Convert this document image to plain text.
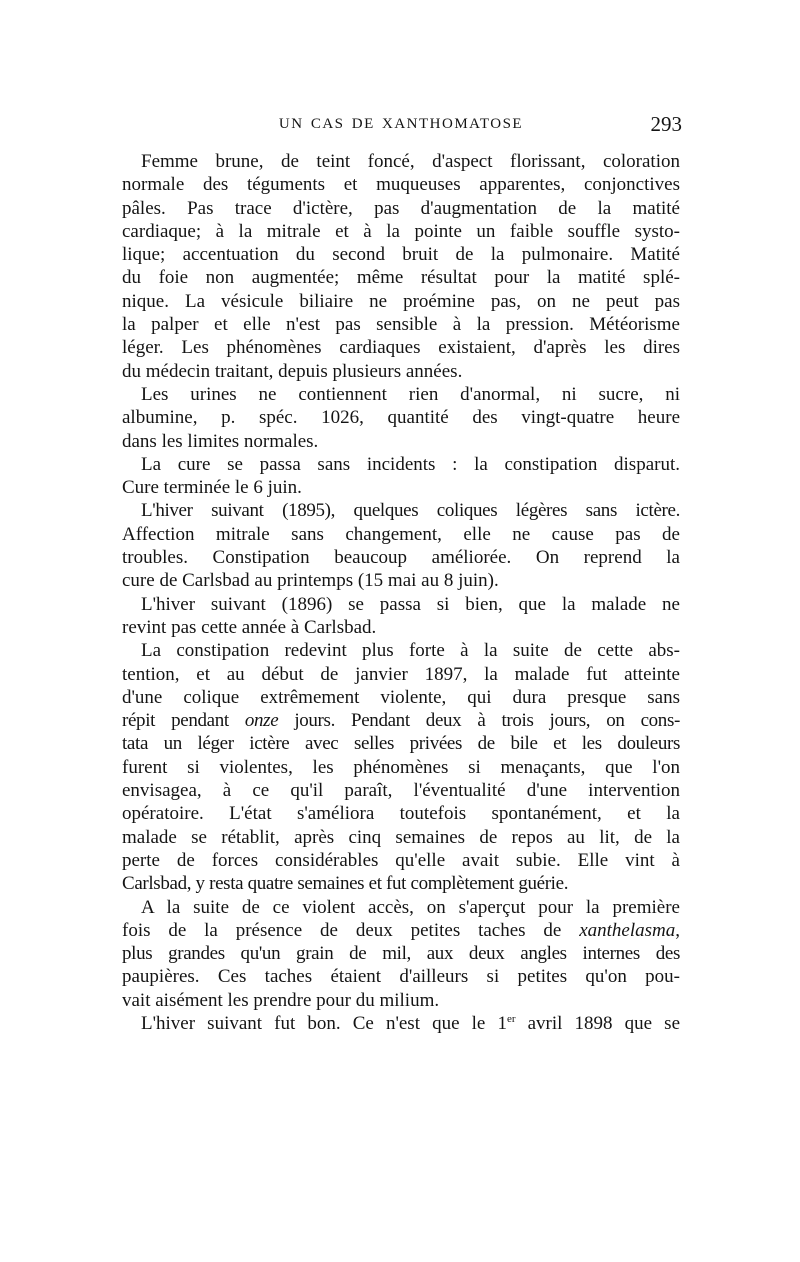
UN CAS DE XANTHOMATOSE	293
Femme brune, de teint foncé, d'aspect florissant, coloration
normale des téguments et muqueuses apparentes, conjonctives
pâles. Pas trace d'ictère, pas d'augmentation de la matité
cardiaque; à la mitrale et à la pointe un faible souffle systo-
lique; accentuation du second bruit de la pulmonaire. Matité
du foie non augmentée; même résultat pour la matité splé-
nique. La vésicule biliaire ne proémine pas, on ne peut pas
la palper et elle n'est pas sensible à la pression. Météorisme
léger. Les phénomènes cardiaques existaient, d'après les dires
du médecin traitant, depuis plusieurs années.
Les urines ne contiennent rien d'anormal, ni sucre, ni
albumine, p. spéc. 1026, quantité des vingt-quatre heure
dans les limites normales.
La cure se passa sans incidents : la constipation disparut.
Cure terminée le 6 juin.
L'hiver suivant (1895), quelques coliques légères sans ictère.
Affection mitrale sans changement, elle ne cause pas de
troubles. Constipation beaucoup améliorée. On reprend la
cure de Carlsbad au printemps (15 mai au 8 juin).
L'hiver suivant (1896) se passa si bien, que la malade ne
revint pas cette année à Carlsbad.
La constipation redevint plus forte à la suite de cette abs-
tention, et au début de janvier 1897, la malade fut atteinte
d'une colique extrêmement violente, qui dura presque sans
répit pendant onze jours. Pendant deux à trois jours, on cons-
tata un léger ictère avec selles privées de bile et les douleurs
furent si violentes, les phénomènes si menaçants, que l'on
envisagea, à ce qu'il paraît, l'éventualité d'une intervention
opératoire. L'état s'améliora toutefois spontanément, et la
malade se rétablit, après cinq semaines de repos au lit, de la
perte de forces considérables qu'elle avait subie. Elle vint à
Carlsbad, y resta quatre semaines et fut complètement guérie.
A la suite de ce violent accès, on s'aperçut pour la première
fois de la présence de deux petites taches de xanthelasma,
plus grandes qu'un grain de mil, aux deux angles internes des
paupières. Ces taches étaient d'ailleurs si petites qu'on pou-
vait aisément les prendre pour du milium.
L'hiver suivant fut bon. Ce n'est que le 1er avril 1898 que se
